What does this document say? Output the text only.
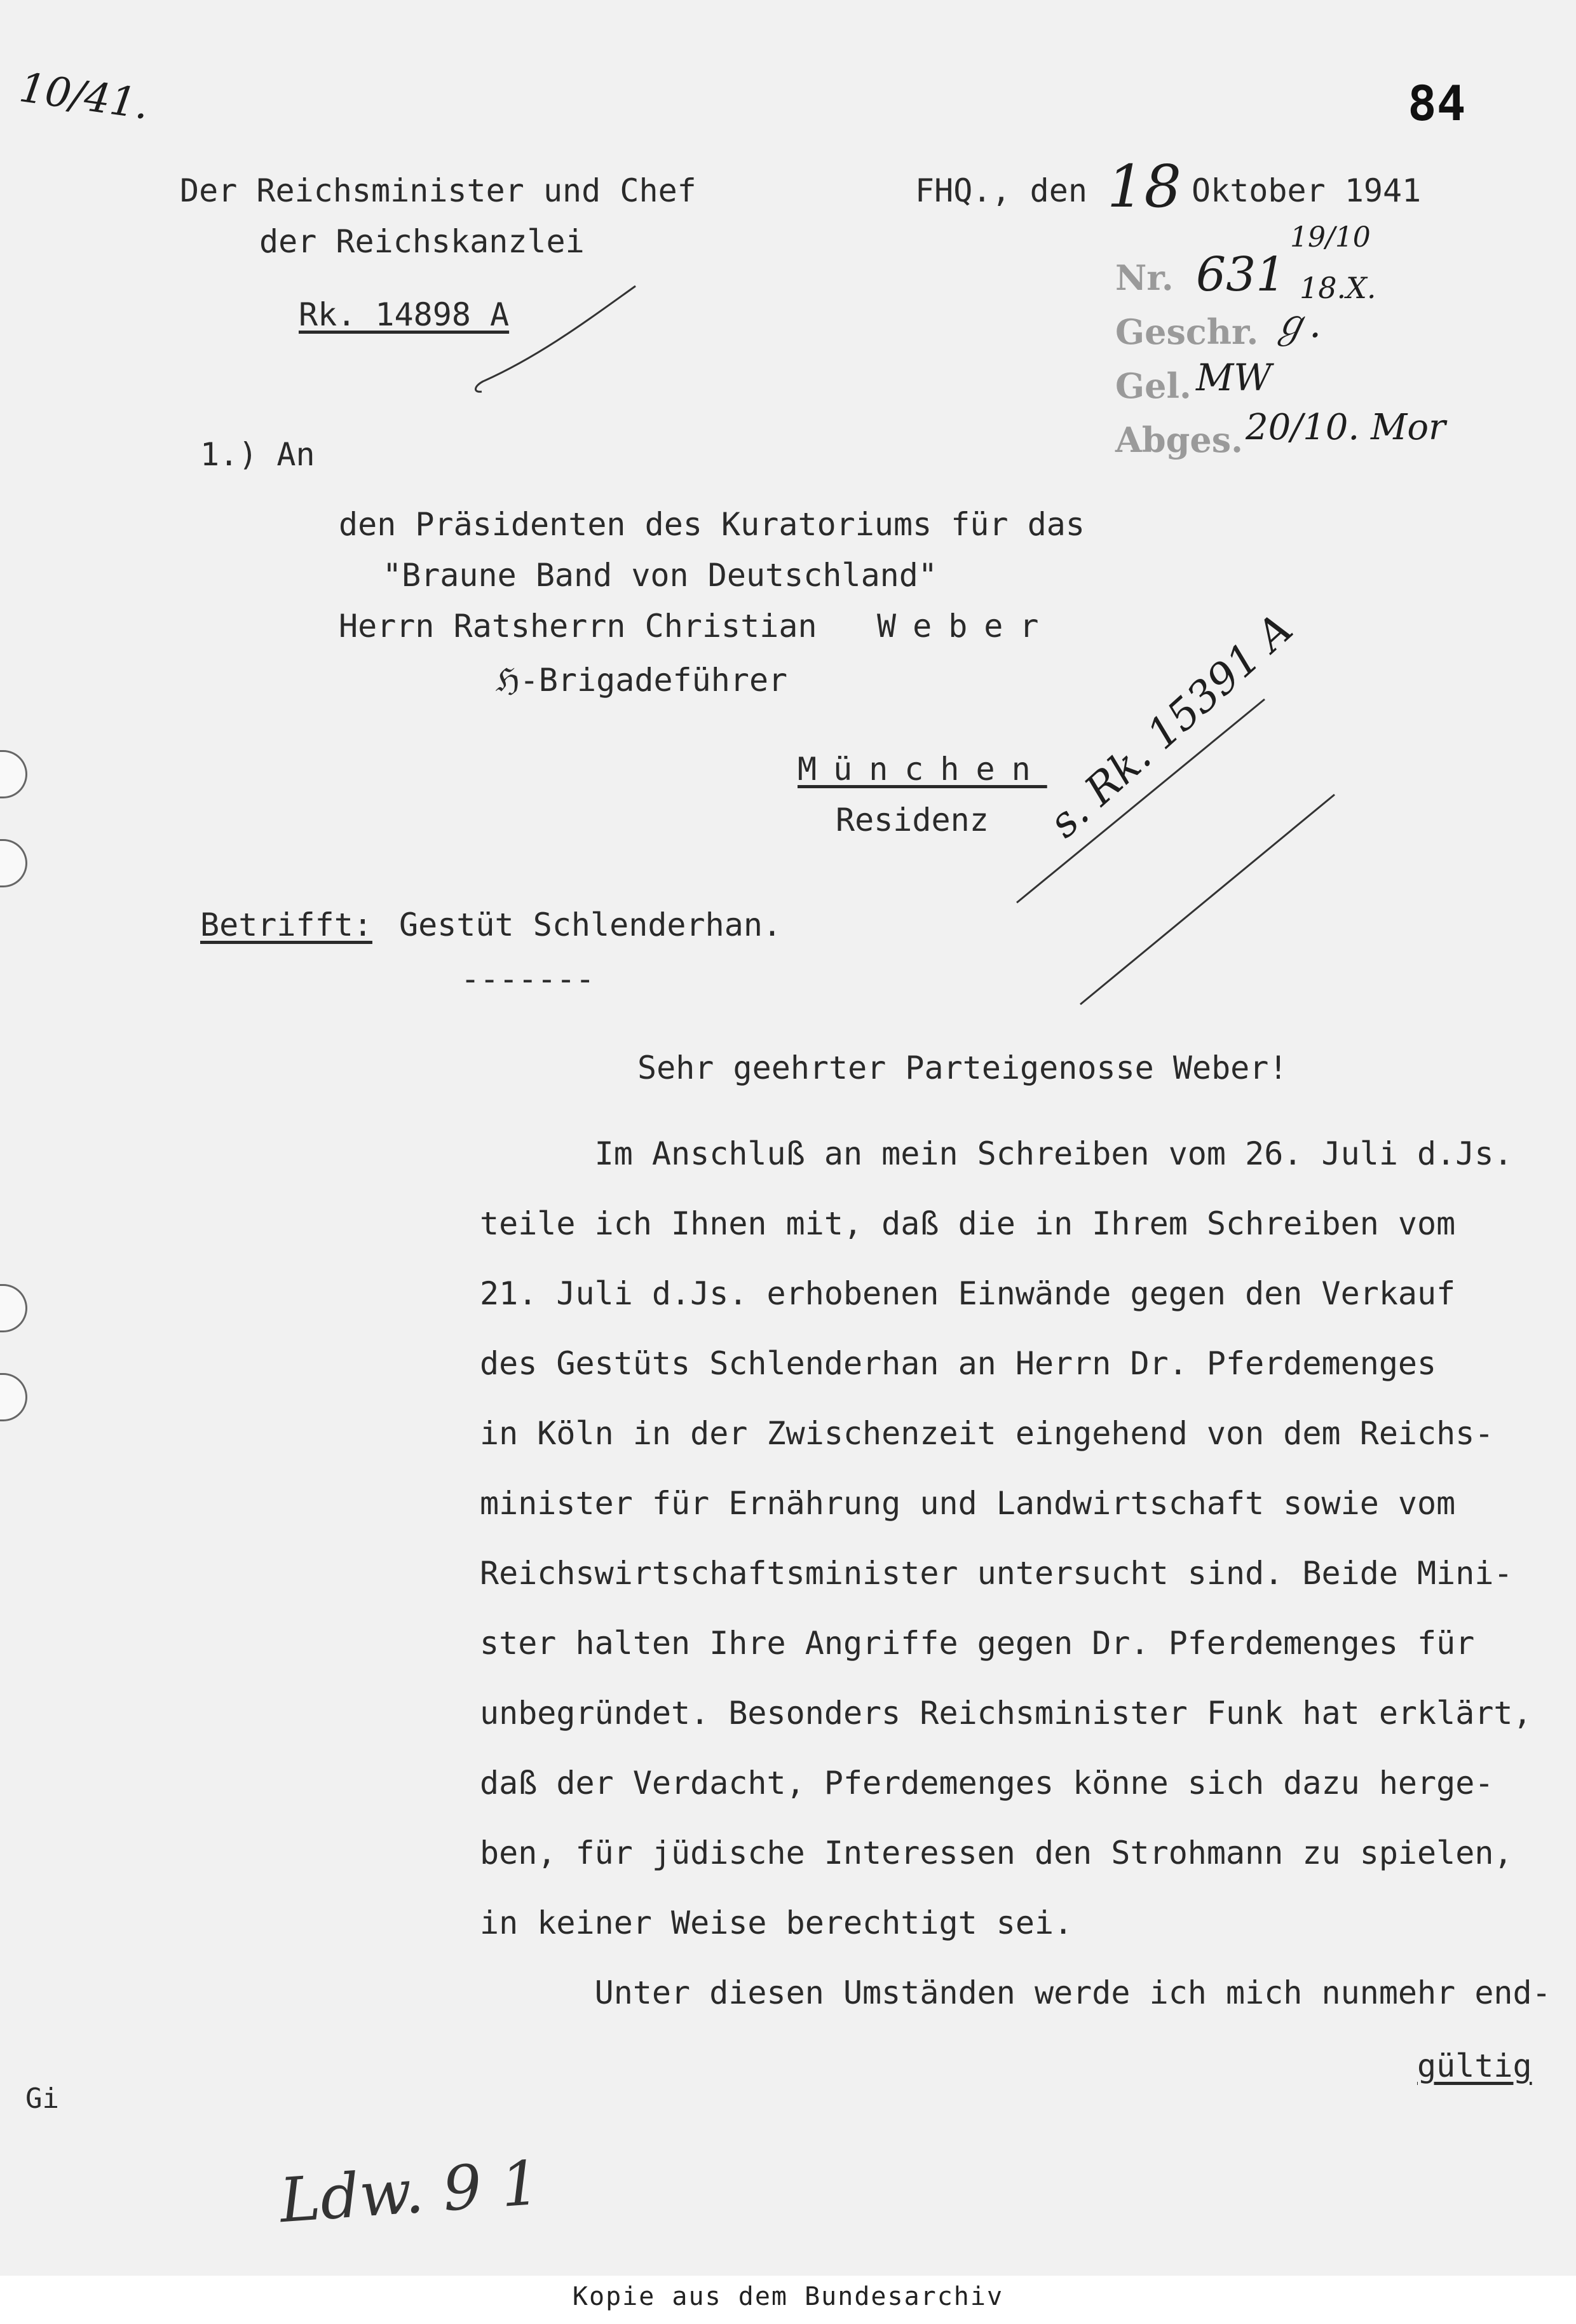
10/41.	84
Der Reichsminister und Chef
der Reichskanzlei
Rk. 14898 A
FHQ., den 18 Oktober 1941
Nr. 631
19/10
18.X.
Geschr. ℊ.
Gel. MW
Abges. 20/10. Mor
1.) An
den Präsidenten des Kuratoriums für das
"Braune Band von Deutschland"
Herrn Ratsherrn Christian Weber
ℌ-Brigadeführer
München
Residenz s. Rk. 15391 A
Betrifft: Gestüt Schlenderhan.
-------
Sehr geehrter Parteigenosse Weber!
Im Anschluß an mein Schreiben vom 26. Juli d.Js.
teile ich Ihnen mit, daß die in Ihrem Schreiben vom
21. Juli d.Js. erhobenen Einwände gegen den Verkauf
des Gestüts Schlenderhan an Herrn Dr. Pferdemenges
in Köln in der Zwischenzeit eingehend von dem Reichs-
minister für Ernährung und Landwirtschaft sowie vom
Reichswirtschaftsminister untersucht sind. Beide Mini-
ster halten Ihre Angriffe gegen Dr. Pferdemenges für
unbegründet. Besonders Reichsminister Funk hat erklärt,
daß der Verdacht, Pferdemenges könne sich dazu herge-
ben, für jüdische Interessen den Strohmann zu spielen,
in keiner Weise berechtigt sei.
Unter diesen Umständen werde ich mich nunmehr end-
gültig
Gi
Ldw. 9 1
Kopie aus dem Bundesarchiv
